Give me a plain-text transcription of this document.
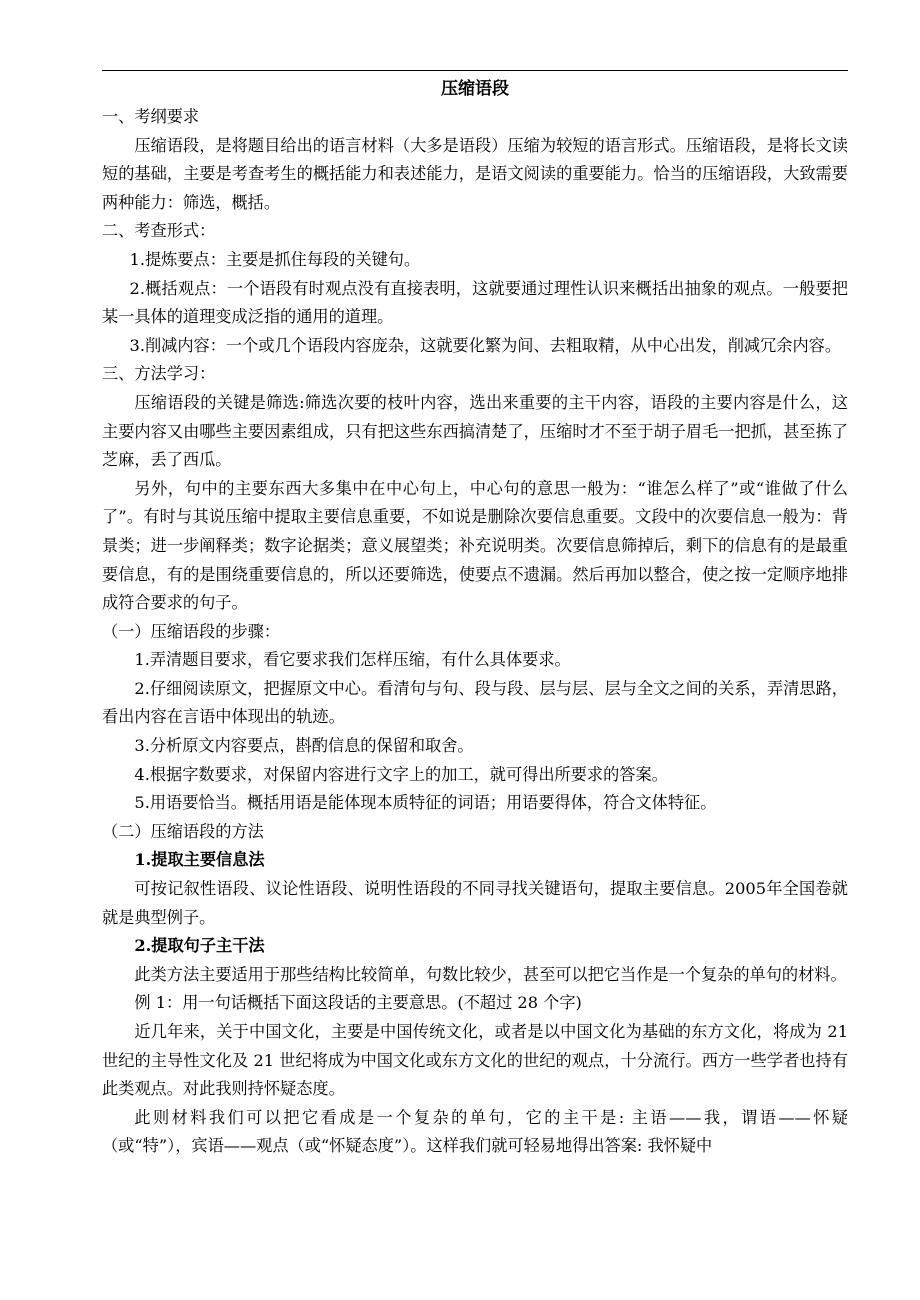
压缩语段

一、考纲要求

压缩语段，是将题目给出的语言材料（大多是语段）压缩为较短的语言形式。压缩语段，是将长文读短的基础，主要是考查考生的概括能力和表述能力，是语文阅读的重要能力。恰当的压缩语段，大致需要两种能力：筛选，概括。

二、考查形式：

1.提炼要点：主要是抓住每段的关键句。

2.概括观点：一个语段有时观点没有直接表明，这就要通过理性认识来概括出抽象的观点。一般要把某一具体的道理变成泛指的通用的道理。

3.削减内容：一个或几个语段内容庞杂，这就要化繁为间、去粗取精，从中心出发，削减冗余内容。

三、方法学习：

压缩语段的关键是筛选:筛选次要的枝叶内容，选出来重要的主干内容，语段的主要内容是什么，这主要内容又由哪些主要因素组成，只有把这些东西搞清楚了，压缩时才不至于胡子眉毛一把抓，甚至拣了芝麻，丢了西瓜。

另外，句中的主要东西大多集中在中心句上，中心句的意思一般为：“谁怎么样了”或“谁做了什么了”。有时与其说压缩中提取主要信息重要，不如说是删除次要信息重要。文段中的次要信息一般为：背景类；进一步阐释类；数字论据类；意义展望类；补充说明类。次要信息筛掉后，剩下的信息有的是最重要信息，有的是围绕重要信息的，所以还要筛选，使要点不遗漏。然后再加以整合，使之按一定顺序地排成符合要求的句子。

（一）压缩语段的步骤：

1.弄清题目要求，看它要求我们怎样压缩，有什么具体要求。

2.仔细阅读原文，把握原文中心。看清句与句、段与段、层与层、层与全文之间的关系，弄清思路，看出内容在言语中体现出的轨迹。

3.分析原文内容要点，斟酌信息的保留和取舍。

4.根据字数要求，对保留内容进行文字上的加工，就可得出所要求的答案。

5.用语要恰当。概括用语是能体现本质特征的词语；用语要得体，符合文体特征。

（二）压缩语段的方法

1.提取主要信息法

可按记叙性语段、议论性语段、说明性语段的不同寻找关键语句，提取主要信息。2005年全国卷就就是典型例子。

2.提取句子主干法

此类方法主要适用于那些结构比较简单，句数比较少，甚至可以把它当作是一个复杂的单句的材料。

例 1：用一句话概括下面这段话的主要意思。(不超过 28 个字)

近几年来，关于中国文化，主要是中国传统文化，或者是以中国文化为基础的东方文化，将成为 21 世纪的主导性文化及 21 世纪将成为中国文化或东方文化的世纪的观点，十分流行。西方一些学者也持有此类观点。对此我则持怀疑态度。

此则材料我们可以把它看成是一个复杂的单句，它的主干是: 主语——我，谓语——怀疑（或“特”），宾语——观点（或“怀疑态度”）。这样我们就可轻易地得出答案: 我怀疑中
